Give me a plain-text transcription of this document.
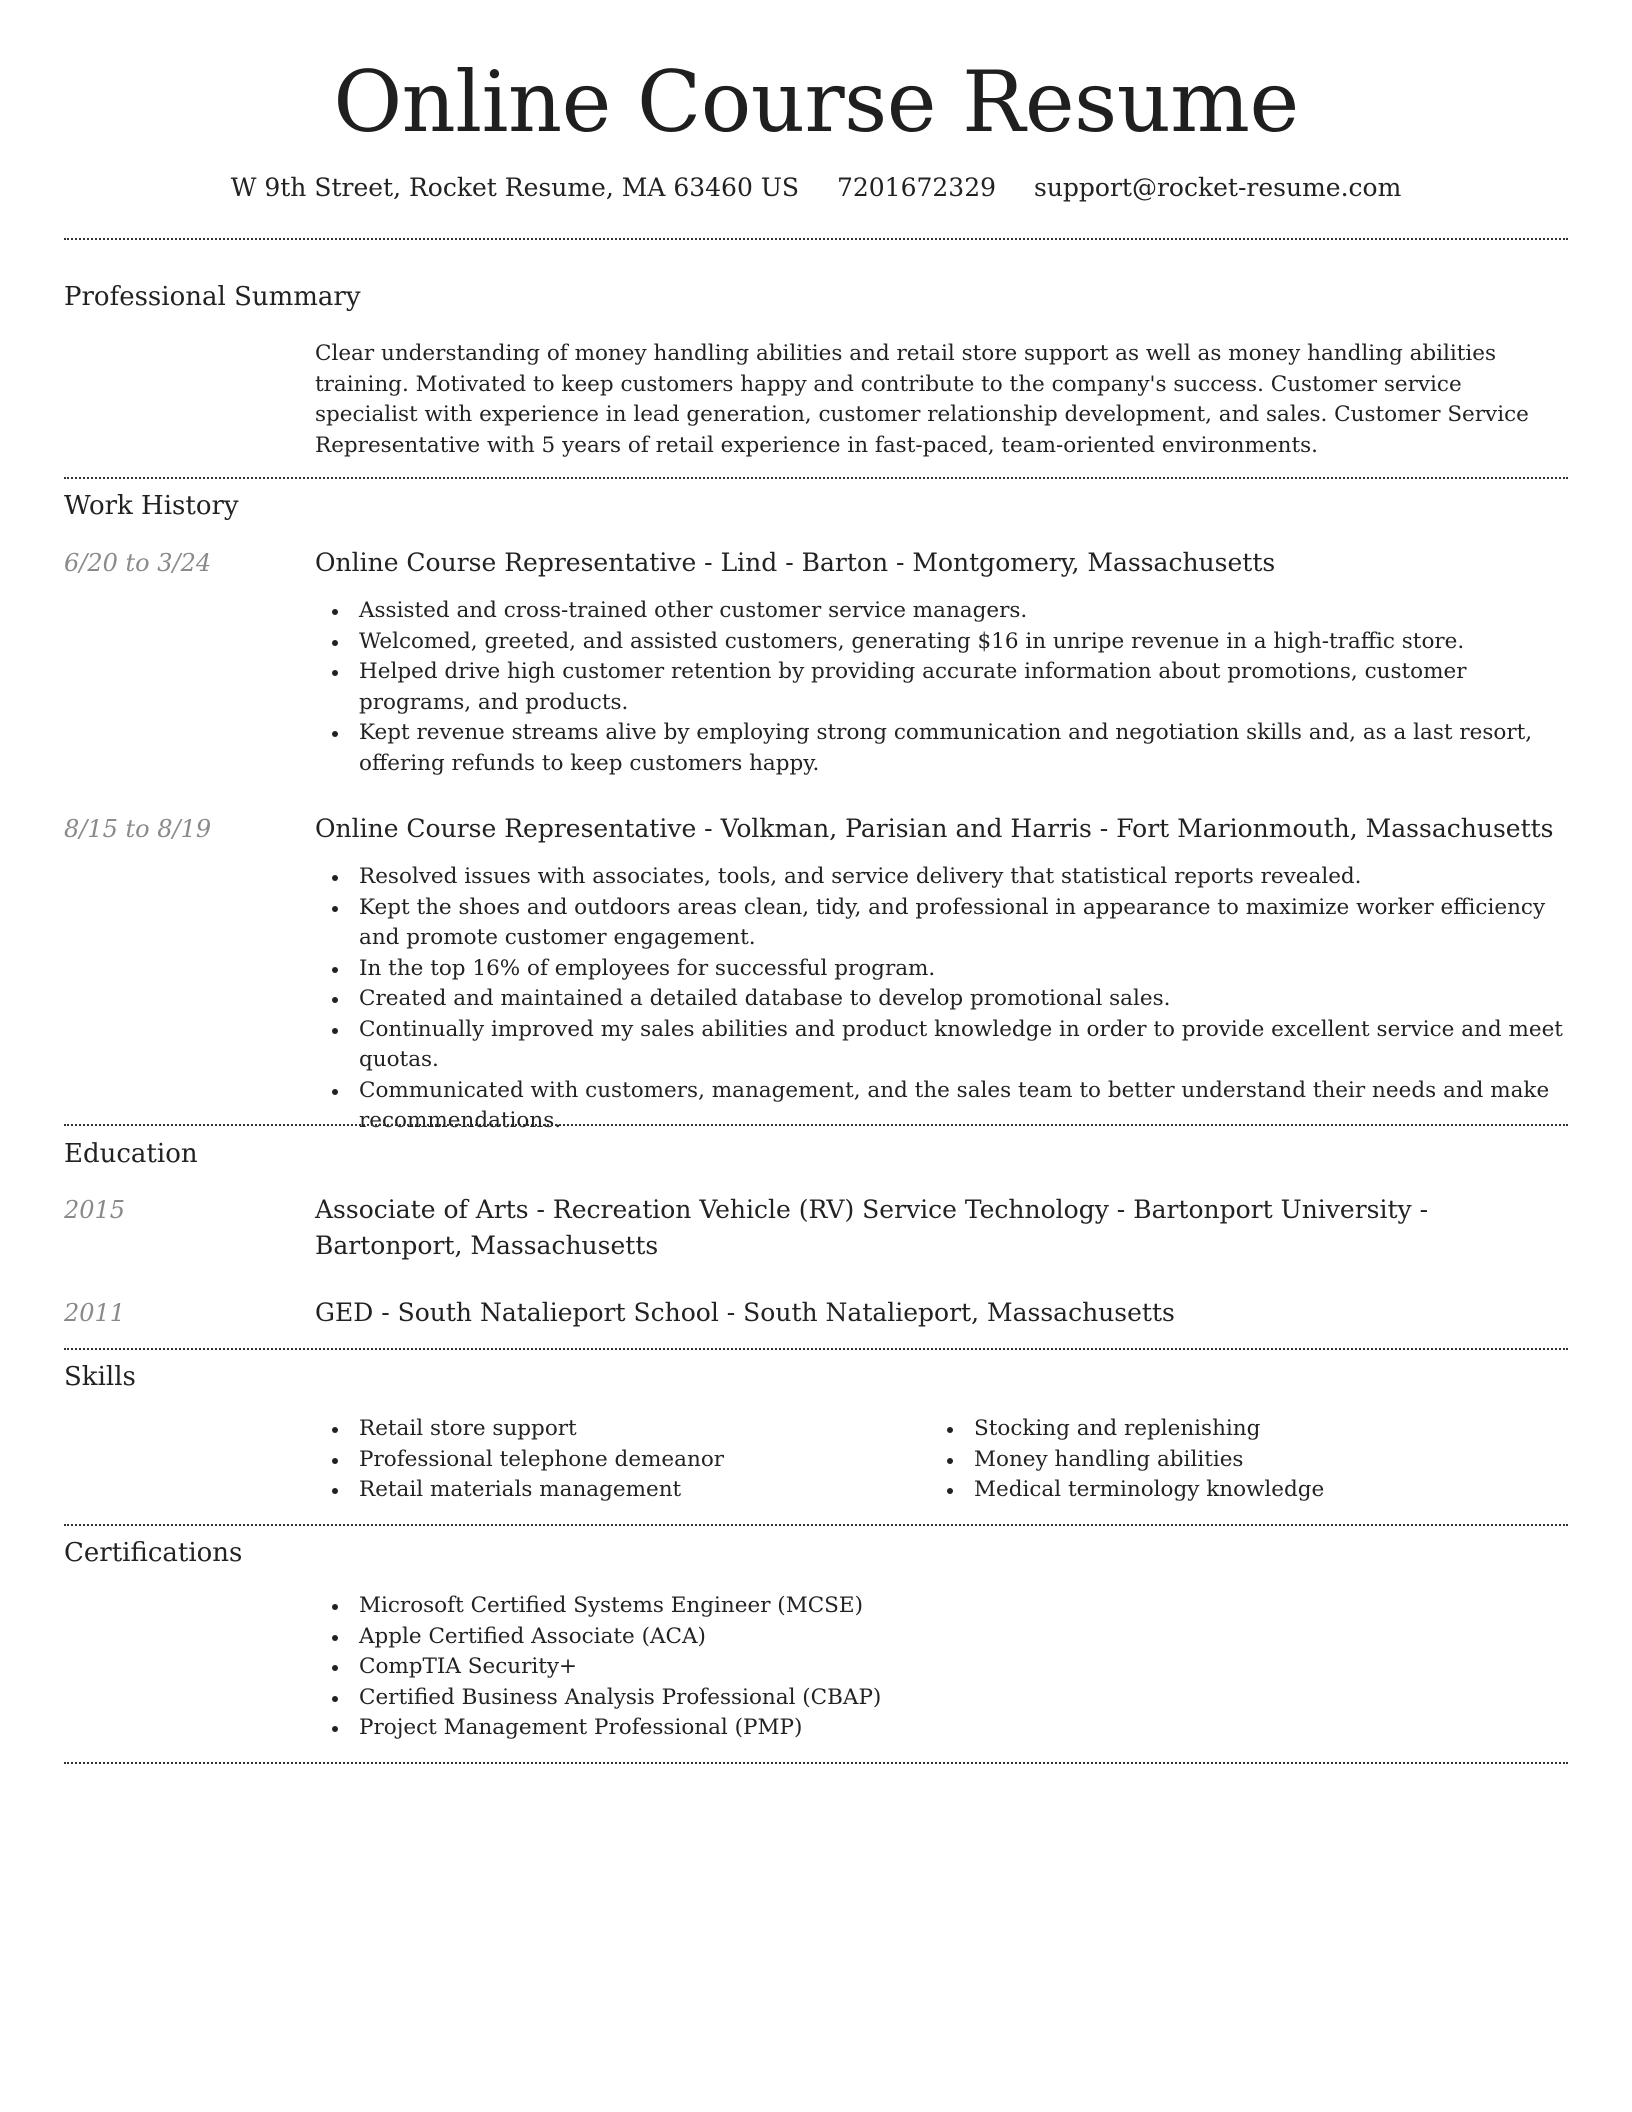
Online Course Resume
W 9th Street, Rocket Resume, MA 63460 US 7201672329 support@rocket-resume.com
Professional Summary

Clear understanding of money handling abilities and retail store support as well as money handling abilities training. Motivated to keep customers happy and contribute to the company's success. Customer service specialist with experience in lead generation, customer relationship development, and sales. Customer Service Representative with 5 years of retail experience in fast-paced, team-oriented environments.

Work History
6/20 to 3/24	Online Course Representative - Lind - Barton - Montgomery, Massachusetts
Assisted and cross-trained other customer service managers.
Welcomed, greeted, and assisted customers, generating $16 in unripe revenue in a high-traffic store.
Helped drive high customer retention by providing accurate information about promotions, customer programs, and products.
Kept revenue streams alive by employing strong communication and negotiation skills and, as a last resort, offering refunds to keep customers happy.
8/15 to 8/19	Online Course Representative - Volkman, Parisian and Harris - Fort Marionmouth, Massachusetts
Resolved issues with associates, tools, and service delivery that statistical reports revealed.
Kept the shoes and outdoors areas clean, tidy, and professional in appearance to maximize worker efficiency and promote customer engagement.
In the top 16% of employees for successful program.
Created and maintained a detailed database to develop promotional sales.
Continually improved my sales abilities and product knowledge in order to provide excellent service and meet quotas.
Communicated with customers, management, and the sales team to better understand their needs and make recommendations.
Education
2015	Associate of Arts - Recreation Vehicle (RV) Service Technology - Bartonport University - Bartonport, Massachusetts
2011	GED - South Natalieport School - South Natalieport, Massachusetts
Skills
Retail store support
Professional telephone demeanor
Retail materials management
Stocking and replenishing
Money handling abilities
Medical terminology knowledge
Certifications
Microsoft Certified Systems Engineer (MCSE)
Apple Certified Associate (ACA)
CompTIA Security+
Certified Business Analysis Professional (CBAP)
Project Management Professional (PMP)
